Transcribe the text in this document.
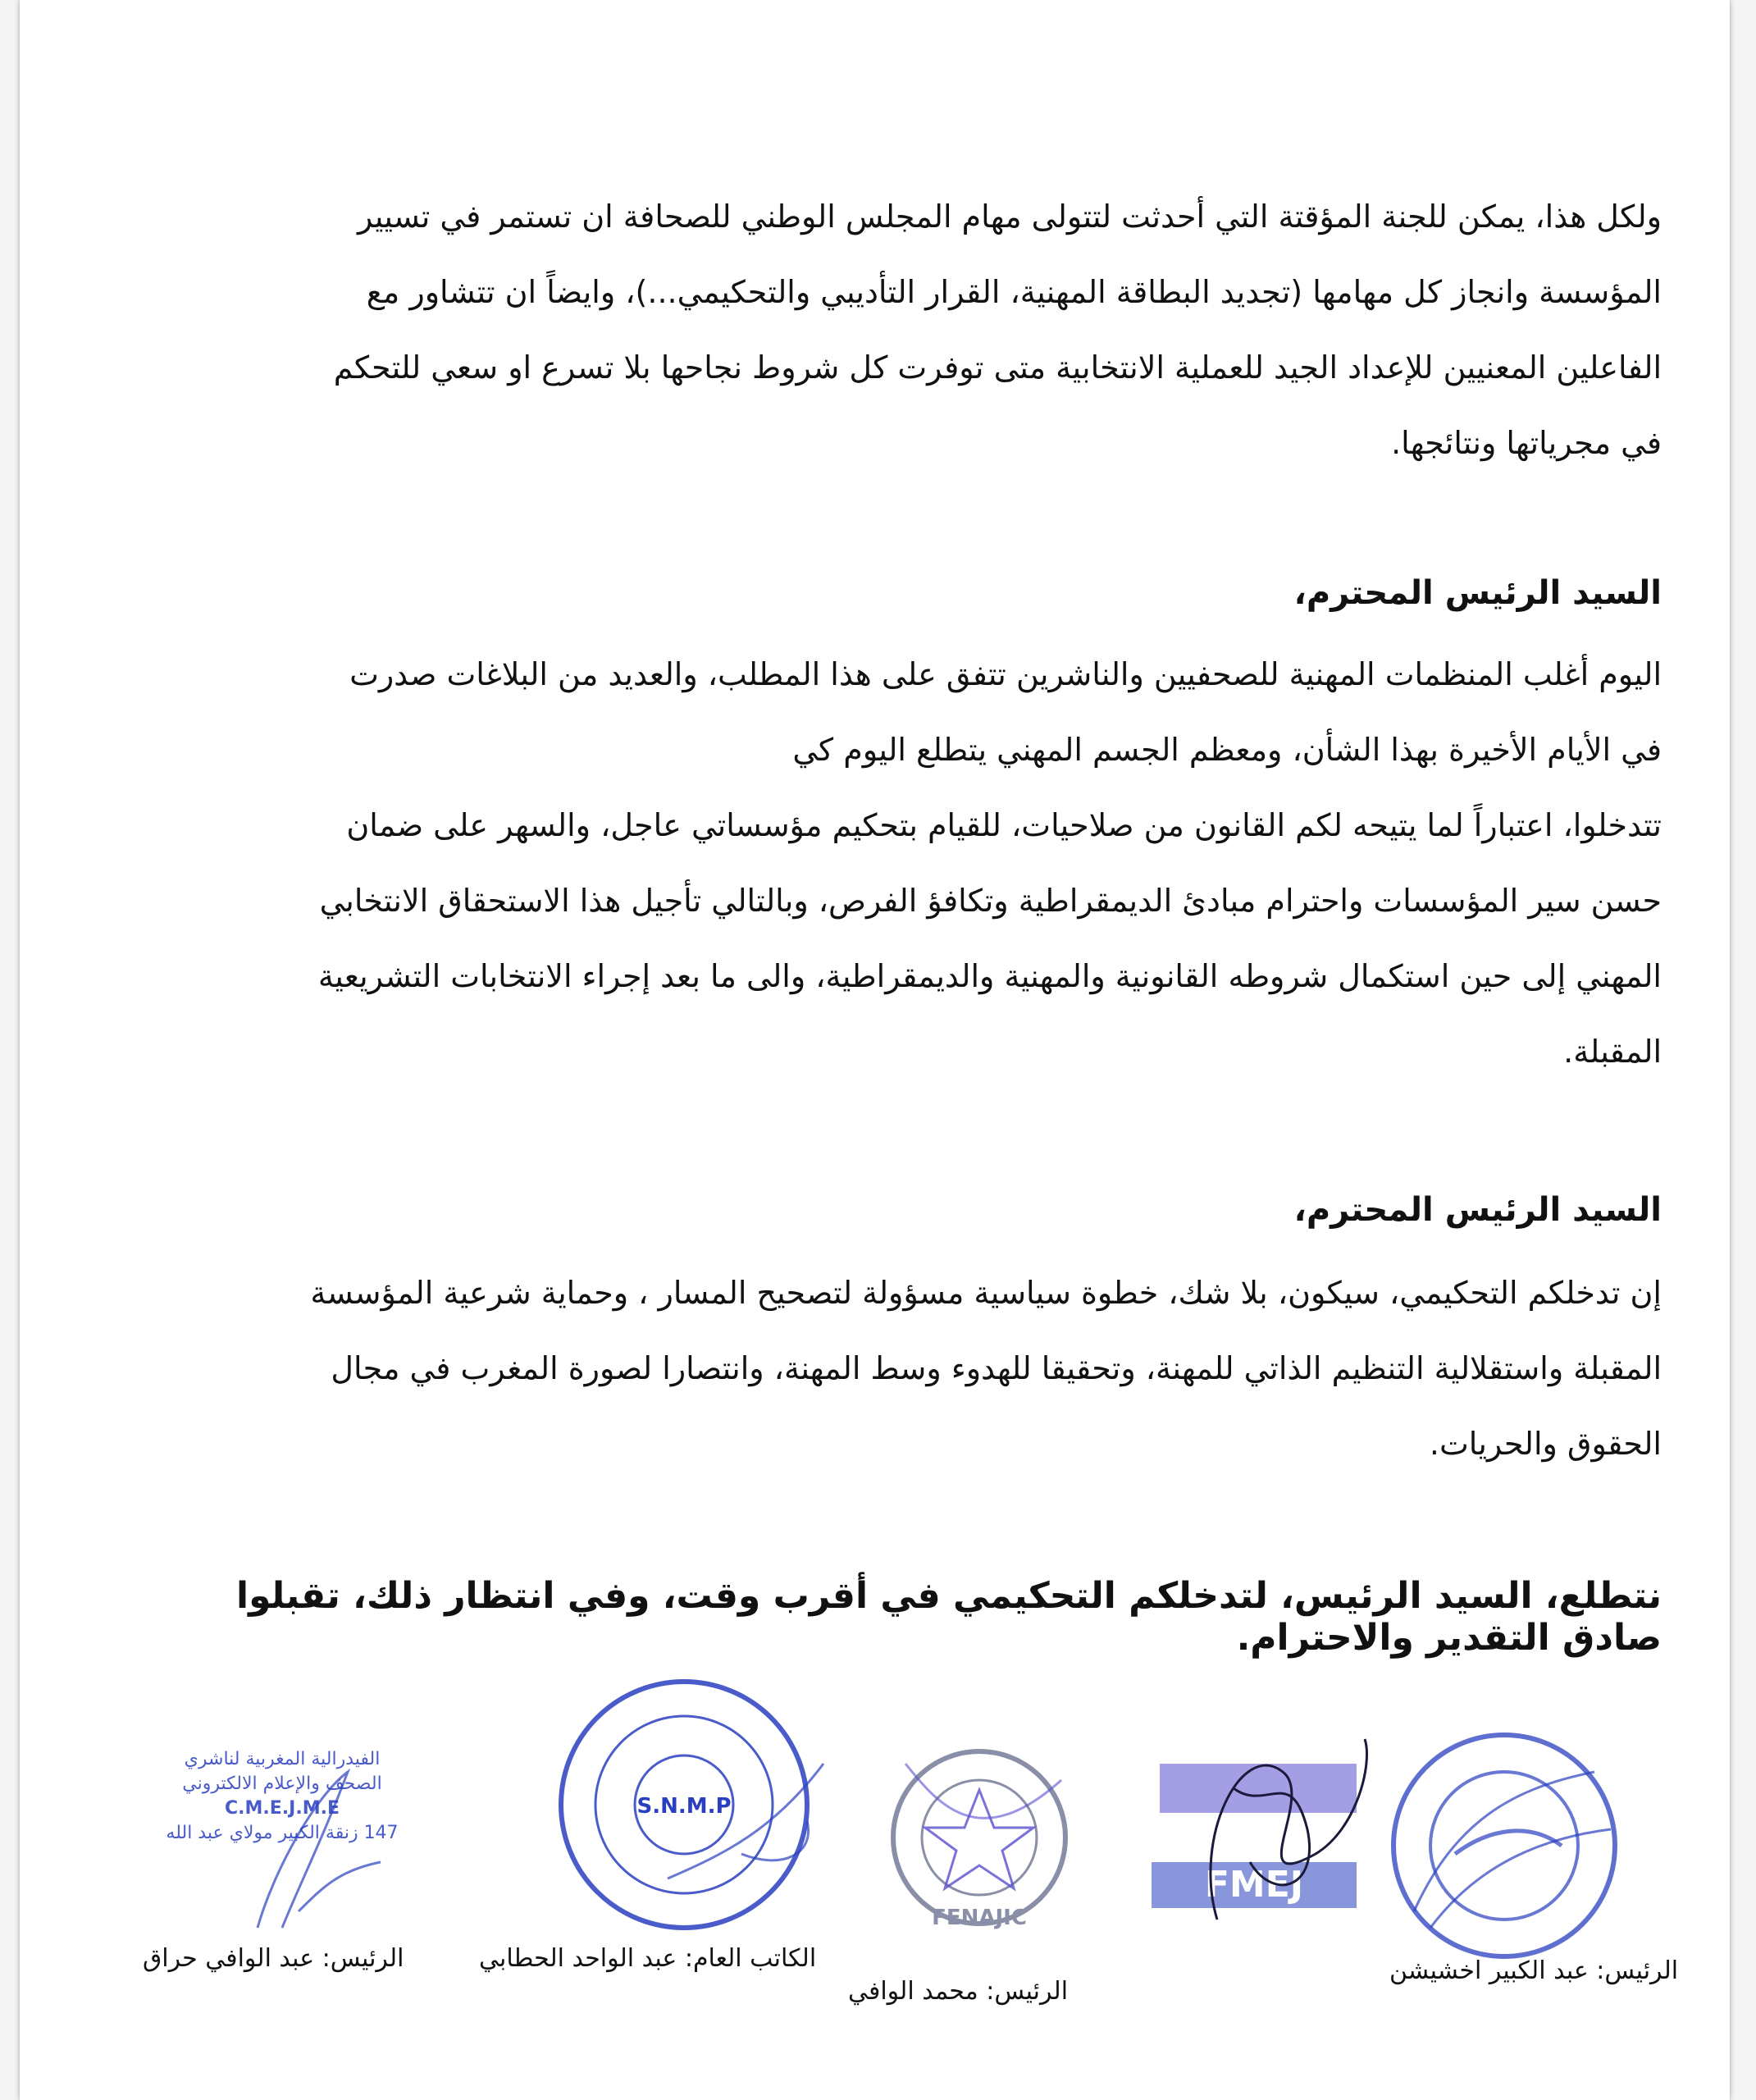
ولكل هذا، يمكن للجنة المؤقتة التي أحدثت لتتولى مهام المجلس الوطني للصحافة ان تستمر في تسيير
المؤسسة وانجاز كل مهامها (تجديد البطاقة المهنية، القرار التأديبي والتحكيمي...)، وايضاً ان تتشاور مع
الفاعلين المعنيين للإعداد الجيد للعملية الانتخابية متى توفرت كل شروط نجاحها بلا تسرع او سعي للتحكم
في مجرياتها ونتائجها.
السيد الرئيس المحترم،
اليوم أغلب المنظمات المهنية للصحفيين والناشرين تتفق على هذا المطلب، والعديد من البلاغات صدرت
في الأيام الأخيرة بهذا الشأن، ومعظم الجسم المهني يتطلع اليوم كي
تتدخلوا، اعتباراً لما يتيحه لكم القانون من صلاحيات، للقيام بتحكيم مؤسساتي عاجل، والسهر على ضمان
حسن سير المؤسسات واحترام مبادئ الديمقراطية وتكافؤ الفرص، وبالتالي تأجيل هذا الاستحقاق الانتخابي
المهني إلى حين استكمال شروطه القانونية والمهنية والديمقراطية، والى ما بعد إجراء الانتخابات التشريعية
المقبلة.
السيد الرئيس المحترم،
إن تدخلكم التحكيمي، سيكون، بلا شك، خطوة سياسية مسؤولة لتصحيح المسار ، وحماية شرعية المؤسسة
المقبلة واستقلالية التنظيم الذاتي للمهنة، وتحقيقا للهدوء وسط المهنة، وانتصارا لصورة المغرب في مجال
الحقوق والحريات.
نتطلع، السيد الرئيس، لتدخلكم التحكيمي في أقرب وقت، وفي انتظار ذلك، تقبلوا صادق التقدير والاحترام.
FMEJ
FENAJIC
S.N.M.P
الفيدرالية المغربية لناشري
الصحف والإعلام الالكتروني
C.M.E.J.M.E
147 زنقة الكبير مولاي عبد الله
الرئيس: عبد الكبير اخشيشن
الرئيس: محمد الوافي
الكاتب العام: عبد الواحد الحطابي
الرئيس: عبد الوافي حراق
